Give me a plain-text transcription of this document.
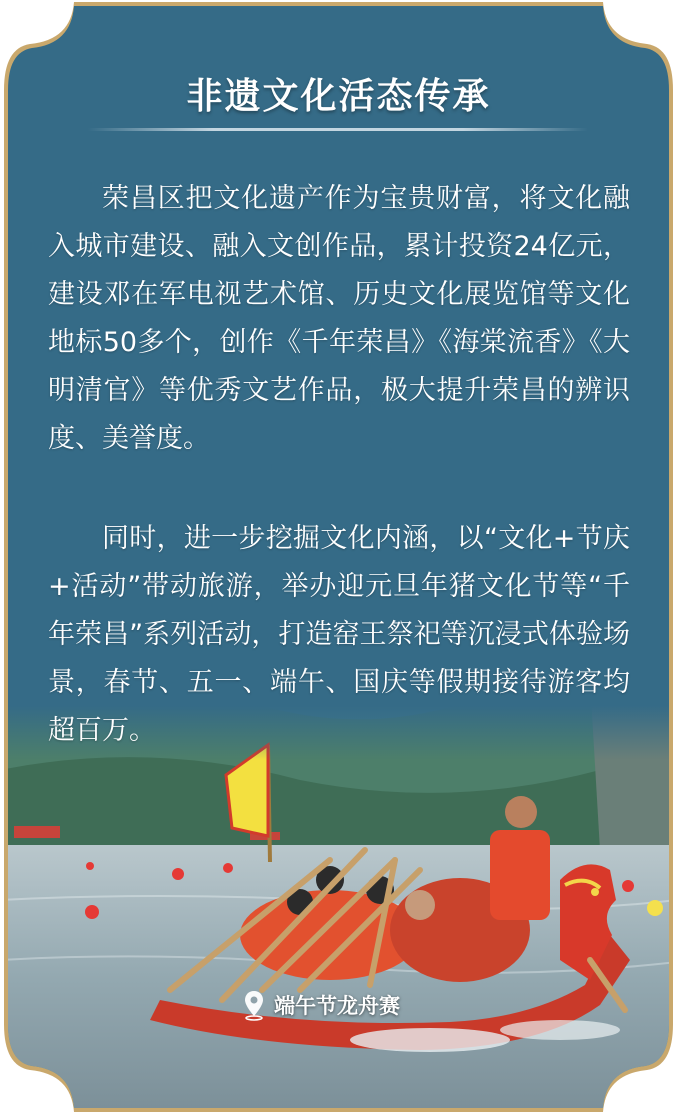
非遗文化活态传承

荣昌区把文化遗产作为宝贵财富，将文化融入城市建设、融入文创作品，累计投资24亿元，建设邓在军电视艺术馆、历史文化展览馆等文化地标50多个，创作《千年荣昌》《海棠流香》《大明清官》等优秀文艺作品，极大提升荣昌的辨识度、美誉度。

同时，进一步挖掘文化内涵，以“文化+节庆+活动”带动旅游，举办迎元旦年猪文化节等“千年荣昌”系列活动，打造窑王祭祀等沉浸式体验场景，春节、五一、端午、国庆等假期接待游客均超百万。

端午节龙舟赛
